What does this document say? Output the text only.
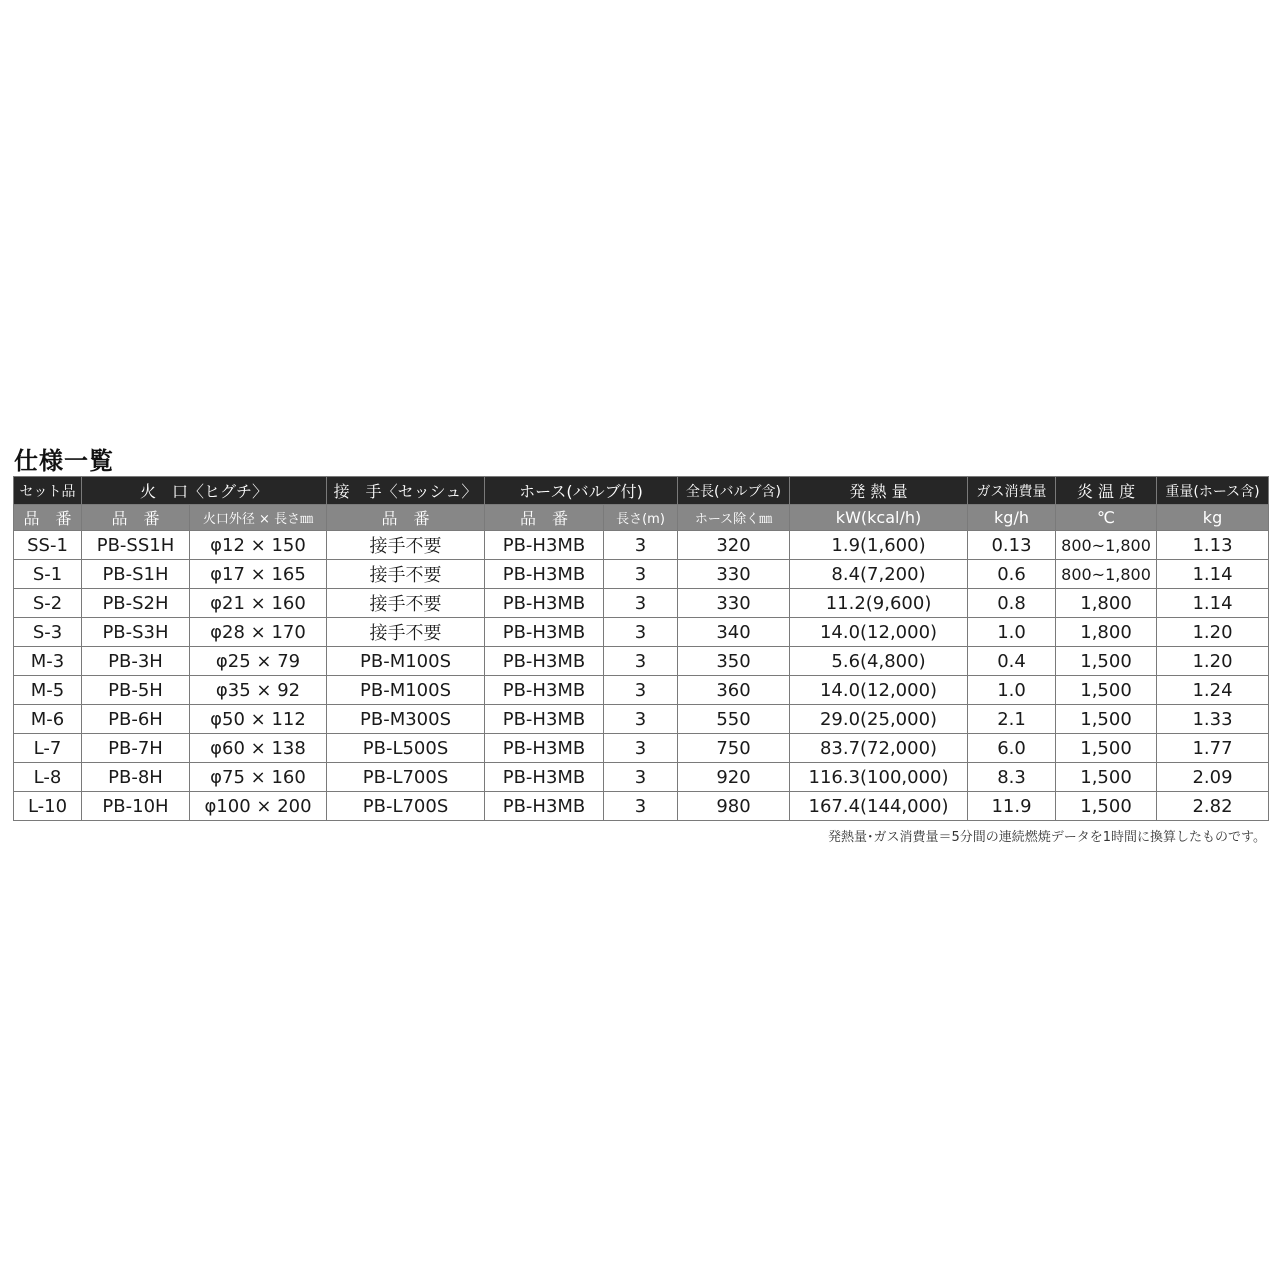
仕様一覧
セット品	火　口〈ヒグチ〉		接　手〈セッシュ〉	ホース(バルブ付)		全長(バルブ含)	発 熱 量	ガス消費量	炎 温 度	重量(ホース含)
品　番	品　番	火口外径 × 長さ㎜	品　番	品　番	長さ(m)	ホース除く㎜	kW(kcal/h)	kg/h	℃	kg
SS-1	PB-SS1H	φ12 × 150	接手不要	PB-H3MB	3	320	1.9(1,600)	0.13	800~1,800	1.13
S-1	PB-S1H	φ17 × 165	接手不要	PB-H3MB	3	330	8.4(7,200)	0.6	800~1,800	1.14
S-2	PB-S2H	φ21 × 160	接手不要	PB-H3MB	3	330	11.2(9,600)	0.8	1,800	1.14
S-3	PB-S3H	φ28 × 170	接手不要	PB-H3MB	3	340	14.0(12,000)	1.0	1,800	1.20
M-3	PB-3H	φ25 × 79	PB-M100S	PB-H3MB	3	350	5.6(4,800)	0.4	1,500	1.20
M-5	PB-5H	φ35 × 92	PB-M100S	PB-H3MB	3	360	14.0(12,000)	1.0	1,500	1.24
M-6	PB-6H	φ50 × 112	PB-M300S	PB-H3MB	3	550	29.0(25,000)	2.1	1,500	1.33
L-7	PB-7H	φ60 × 138	PB-L500S	PB-H3MB	3	750	83.7(72,000)	6.0	1,500	1.77
L-8	PB-8H	φ75 × 160	PB-L700S	PB-H3MB	3	920	116.3(100,000)	8.3	1,500	2.09
L-10	PB-10H	φ100 × 200	PB-L700S	PB-H3MB	3	980	167.4(144,000)	11.9	1,500	2.82
発熱量･ガス消費量＝5分間の連続燃焼データを1時間に換算したものです。
